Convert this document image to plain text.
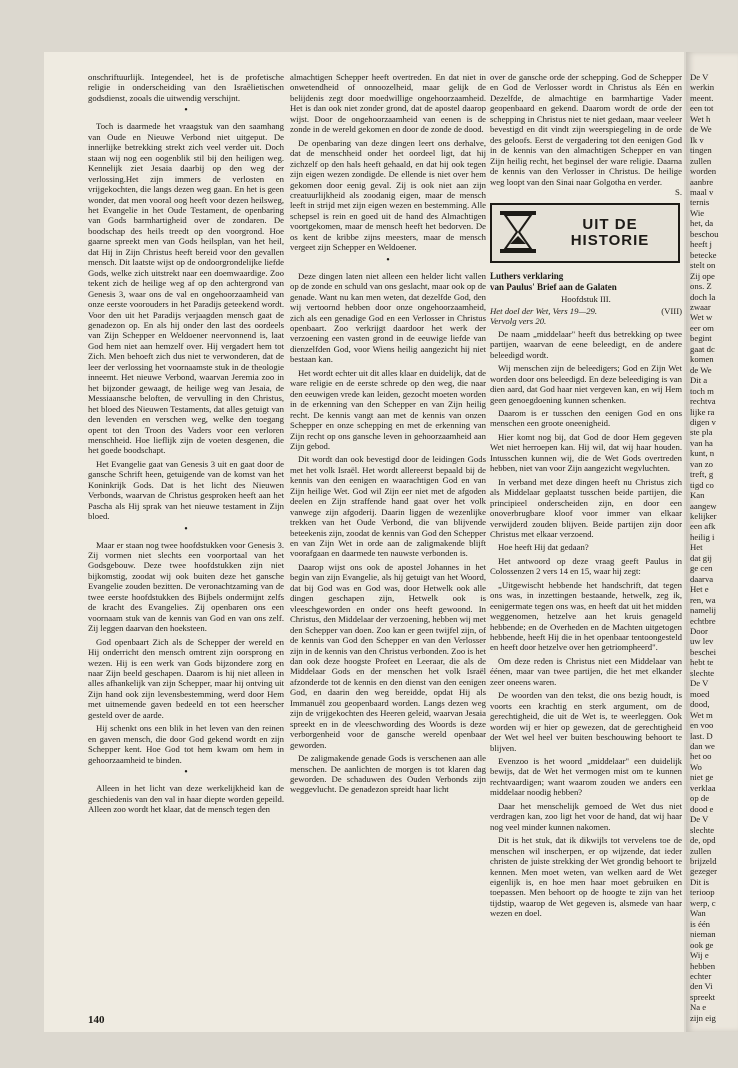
onschriftuurlijk. Integendeel, het is de profetische religie in onderscheiding van den Israëlietischen godsdienst, zooals die uitwendig verschijnt.

•

Toch is daarmede het vraagstuk van den saamhang van Oude en Nieuwe Verbond niet uitgeput. De innerlijke betrekking strekt zich veel verder uit. Doch staan wij nog een oogenblik stil bij den heiligen weg. Kennelijk ziet Jesaia daarbij op den weg der verlossing.Het zijn immers de verlosten en vrijgekochten, die langs dezen weg gaan. En het is geen wonder, dat men vooral oog heeft voor dezen heilsweg, het Evangelie in het Oude Testament, de openbaring van Gods barmhartigheid over de zondaren. De boodschap des heils treedt op den voorgrond. Hoe gaarne spreekt men van Gods heilsplan, van het heil, dat Hij in Zijn Christus heeft bereid voor den gevallen mensch. Dit laatste wijst op de ondoorgrondelijke liefde Gods, welke zich uitstrekt naar een doemwaardige. Zoo tekent zich de heilige weg af op den achtergrond van Genesis 3, waar ons de val en ongehoorzaamheid van onze eerste voorouders in het Paradijs geteekend wordt. Voor den uit het Paradijs verjaagden mensch gaat de genadezon op. En als hij onder den last des oordeels van Zijn Schepper en Weldoener neervonnend is, laat God hem niet aan hemzelf over. Hij vergadert hem tot Zich. Men behoeft zich dus niet te verwonderen, dat de leer der verlossing het voornaamste stuk in de theologie inneemt. Het nieuwe Verbond, waarvan Jeremia zoo in het bijzonder gewaagt, de heilige weg van Jesaia, de Messiaansche beloften, de vervulling in den Christus, het bloed des Nieuwen Testaments, dat alles getuigt van den levenden en verschen weg, welke den toegang opent tot den Troon des Vaders voor een verloren menschheid. Hoe lieflijk zijn de voeten desgenen, die het goede boodschapt.

Het Evangelie gaat van Genesis 3 uit en gaat door de gansche Schrift heen, getuigende van de komst van het Koninkrijk Gods. Dat is het licht des Nieuwen Verbonds, waarvan de Christus gesproken heeft aan het Pascha als Hij sprak van het nieuwe testament in Zijn bloed.

•

Maar er staan nog twee hoofdstukken voor Genesis 3. Zij vormen niet slechts een voorportaal van het Godsgebouw. Deze twee hoofdstukken zijn niet bijkomstig, zoodat wij ook buiten deze het gansche Evangelie zouden bezitten. De veronachtzaming van de twee eerste hoofdstukken des Bijbels ondermijnt zelfs de kracht des Evangelies. Zij openbaren ons een voornaam stuk van de kennis van God en van ons zelf. Zij leggen daarvan den hoeksteen.

God openbaart Zich als de Schepper der wereld en Hij onderricht den mensch omtrent zijn oorsprong en wezen. Hij is een werk van Gods bijzondere zorg en naar Zijn beeld geschapen. Daarom is hij niet alleen in alles afhankelijk van zijn Schepper, maar hij ontving uit Zijn hand ook zijn levensbestemming, werd door Hem met uitnemende gaven bedeeld en tot een heerscher gesteld over de aarde.

Hij schenkt ons een blik in het leven van den reinen en gaven mensch, die door God gekend wordt en zijn Schepper kent. Hoe God tot hem kwam om hem in gehoorzaamheid te binden.

•

Alleen in het licht van deze werkelijkheid kan de geschiedenis van den val in haar diepte worden gepeild. Alleen zoo wordt het klaar, dat de mensch tegen den

almachtigen Schepper heeft overtreden. En dat niet in onwetendheid of onnoozelheid, maar gelijk de belijdenis zegt door moedwillige ongehoorzaamheid. Het is dan ook niet zonder grond, dat de apostel daarop wijst. Door de ongehoorzaamheid van eenen is de zonde in de wereld gekomen en door de zonde de dood.

De openbaring van deze dingen leert ons derhalve, dat de menschheid onder het oordeel ligt, dat hij zichzelf op den hals heeft gehaald, en dat hij ook tegen zijn eigen wezen zondigde. De ellende is niet over hem gekomen door eenig geval. Zij is ook niet aan zijn creatuurlijkheid als zoodanig eigen, maar de mensch leeft in strijd met zijn eigen wezen en bestemming. Alle schepsel is rein en goed uit de hand des Almachtigen voortgekomen, maar de mensch heeft het bedorven. De os kent de kribbe zijns meesters, maar de mensch vergeet zijn Schepper en Weldoener.

•

Deze dingen laten niet alleen een helder licht vallen op de zonde en schuld van ons geslacht, maar ook op de genade. Want nu kan men weten, dat dezelfde God, den wij vertoornd hebben door onze ongehoorzaamheid, zich als een genadige God en een Verlosser in Christus openbaart. Zoo verkrijgt daardoor het werk der verzoening een vasten grond in de eeuwige liefde van dienzelfden God, voor Wiens heilig aangezicht hij niet bestaan kan.

Het wordt echter uit dit alles klaar en duidelijk, dat de ware religie en de eerste schrede op den weg, die naar den eeuwigen vrede kan leiden, gezocht moeten worden in de erkenning van den Schepper en van Zijn heilig recht. De kennis vangt aan met de kennis van onzen Schepper en onze schepping en met de erkenning van Zijn recht op ons gansche leven in gehoorzaamheid aan Zijn gebod.

Dit wordt dan ook bevestigd door de leidingen Gods met het volk Israël. Het wordt allereerst bepaald bij de kennis van den eenigen en waarachtigen God en van Zijn heilige Wet. God wil Zijn eer niet met de afgoden deelen en Zijn straffende hand gaat over het volk vanwege zijn afgoderij. Daarin liggen de wezenlijke trekken van het Oude Verbond, die van blijvende beteekenis zijn, zoodat de kennis van God den Schepper en van Zijn Wet in orde aan de zaligmakende blijft voorafgaan en daarmede ten nauwste verbonden is.

Daarop wijst ons ook de apostel Johannes in het begin van zijn Evangelie, als hij getuigt van het Woord, dat bij God was en God was, door Hetwelk ook alle dingen geschapen zijn, Hetwelk ook is vleeschgeworden en onder ons heeft gewoond. In Christus, den Middelaar der verzoening, hebben wij met den Schepper van doen. Zoo kan er geen twijfel zijn, of de kennis van God den Schepper en van den Verlosser zijn in de kennis van den Christus verbonden. Zoo is het dan ook deze hoogste Profeet en Leeraar, die als de Middelaar Gods en der menschen het volk Israël afzonderde tot de kennis en den dienst van den eenigen God, en daarin den weg bereidde, opdat Hij als Immanuël zou geopenbaard worden. Langs dezen weg zijn de vrijgekochten des Heeren geleid, waarvan Jesaia spreekt en in de vleeschwording des Woords is deze verborgenheid voor de gansche wereld openbaar geworden.

De zaligmakende genade Gods is verschenen aan alle menschen. De aanlichten de morgen is tot klaren dag geworden. De schaduwen des Ouden Verbonds zijn weggevlucht. De genadezon spreidt haar licht

over de gansche orde der schepping. God de Schepper en God de Verlosser wordt in Christus als Eén en Dezelfde, de almachtige en barmhartige Vader geopenbaard en gekend. Daarom wordt de orde der schepping in Christus niet te niet gedaan, maar veeleer bevestigd en dit vindt zijn weerspiegeling in de orde des geloofs. Eerst de vergadering tot den eenigen God in de kennis van den almachtigen Schepper en van Zijn heilig recht, het beginsel der ware religie. Daarna de kennis van den Verlosser in Christus. De heilige weg loopt van den Sinai naar Golgotha en verder.

S.
UIT DE
HISTORIE
Luthers verklaring
van Paulus' Brief aan de Galaten
Hoofdstuk III.
Het doel der Wet, Vers 19—29.	(VIII)
Vervolg vers 20.

De naam „middelaar" heeft dus betrekking op twee partijen, waarvan de eene beleedigt, en de andere beleedigd wordt.

Wij menschen zijn de beleedigers; God en Zijn Wet worden door ons beleedigd. En deze beleediging is van dien aard, dat God haar niet vergeven kan, en wij Hem geen genoegdoening kunnen schenken.

Daarom is er tusschen den eenigen God en ons menschen een groote oneenigheid.

Hier komt nog bij, dat God de door Hem gegeven Wet niet herroepen kan. Hij wil, dat wij haar houden. Intusschen kunnen wij, die de Wet Gods overtreden hebben, niet van voor Zijn aangezicht wegvluchten.

In verband met deze dingen heeft nu Christus zich als Middelaar geplaatst tusschen beide partijen, die principieel onderscheiden zijn, en door een onoverbrugbare kloof voor immer van elkaar verwijderd zouden blijven. Beide partijen zijn door Christus met elkaar verzoend.

Hoe heeft Hij dat gedaan?

Het antwoord op deze vraag geeft Paulus in Colossenzen 2 vers 14 en 15, waar hij zegt:

„Uitgewischt hebbende het handschrift, dat tegen ons was, in inzettingen bestaande, hetwelk, zeg ik, eenigermate tegen ons was, en heeft dat uit het midden weggenomen, hetzelve aan het kruis genageld hebbende; en de Overheden en de Machten uitgetogen hebbende, heeft Hij die in het openbaar tentoongesteld en heeft door hetzelve over hen getriompheerd".

Om deze reden is Christus niet een Middelaar van éénen, maar van twee partijen, die het met elkander zeer oneens waren.

De woorden van den tekst, die ons bezig houdt, is voorts een krachtig en sterk argument, om de gerechtigheid, die uit de Wet is, te weerleggen. Ook worden wij er hier op gewezen, dat de gerechtigheid der Wet wel heel ver buiten beschouwing behoort te blijven.

Evenzoo is het woord „middelaar" een duidelijk bewijs, dat de Wet het vermogen mist om te kunnen rechtvaardigen; want waarom zouden we anders een middelaar noodig hebben?

Daar het menschelijk gemoed de Wet dus niet verdragen kan, zoo ligt het voor de hand, dat wij haar nog veel minder kunnen nakomen.

Dit is het stuk, dat ik dikwijls tot vervelens toe de menschen wil inscherpen, er op wijzende, dat ieder christen de juiste strekking der Wet grondig behoort te kennen. Men moet weten, van welken aard de Wet eigenlijk is, en hoe men haar moet gebruiken en toepassen. Men behoort op de hoogte te zijn van het tijdstip, waarop de Wet gegeven is, alsmede van haar wezen en doel.

140
De V
werkin
meent.
een tot
Wet h
de We
Ik v
tingen
zullen
worden
aanbre
maal v
ternis
Wie
het, da
beschou
heeft j
betecke
stelt on
Zij ope
ons. Z
doch la
zwaar
Wet w
eer om
begint
gaat dc
komen
de We
Dit a
toch m
rechtva
lijke ra
digen v
ste pla
van ha
kunt, n
van zo
treft, g
tigd co
Kan
aangew
kelijker
een afk
heilig i
Het
dat gij
ge cen
daarva
Het e
ren, wa
namelij
echtbre
Door
uw lev
beschei
hebt te
slechte
De V
moed
dood,
Wet m
en voo
last. D
dan we
het oo
Wo
niet ge
verklaa
op de
dood e
De V
slechte
de, opd
zullen
brijzeld
gezeger
Dit is
terioop
werp, c
Wan
is één
nieman
ook ge
Wij e
hebben
echter
den Vi
spreekt
Na e
zijn eig
